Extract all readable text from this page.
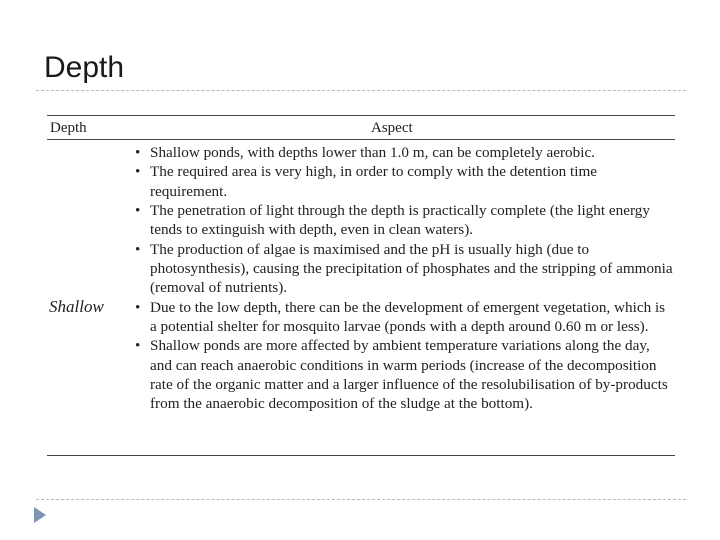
Depth
Depth	Aspect
Shallow
• Shallow ponds, with depths lower than 1.0 m, can be completely aerobic.
• The required area is very high, in order to comply with the detention time requirement.
• The penetration of light through the depth is practically complete (the light energy tends to extinguish with depth, even in clean waters).
• The production of algae is maximised and the pH is usually high (due to photosynthesis), causing the precipitation of phosphates and the stripping of ammonia (removal of nutrients).
• Due to the low depth, there can be the development of emergent vegetation, which is a potential shelter for mosquito larvae (ponds with a depth around 0.60 m or less).
• Shallow ponds are more affected by ambient temperature variations along the day, and can reach anaerobic conditions in warm periods (increase of the decomposition rate of the organic matter and a larger influence of the resolubilisation of by-products from the anaerobic decomposition of the sludge at the bottom).
